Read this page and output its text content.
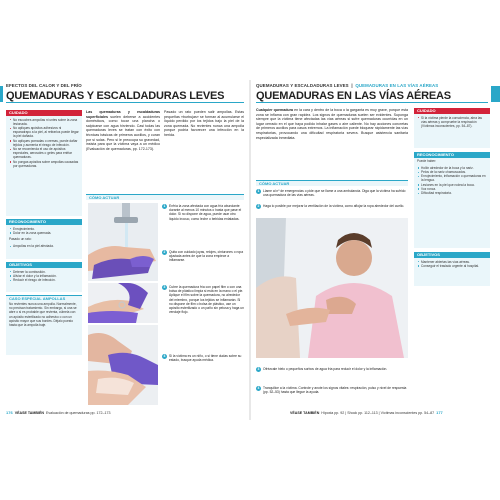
EFECTOS DEL CALOR Y DEL FRÍO
QUEMADURAS Y ESCALDADURAS LEVES
CUIDADO
No escuches ampollas ni untes sobre la zona lesionada.
No apliques apósitos adhesivos ni esparadrapo a la piel, al retirarlos puede llegar la piel dañada.
No apliques pomadas o cremas, puede dañar tejidos y aumenta el riesgo de infección.
No se recomienda el uso de apósitos especiales, aerosoles o geles para enfriar quemaduras.
No pongas apósitos sobre ampollas causadas por quemaduras.
RECONOCIMIENTO
Enrojecimiento.
Dolor en la zona quemada.
Pasado un rato:
Ampollas en la piel afectada.
OBJETIVOS
Detener la combustión.
Aliviar el dolor y la inflamación.
Reducir el riesgo de infección.
CASO ESPECIAL AMPOLLAS
No revientes nunca una ampolla. Normalmente, no precisan tratamiento. Sin embargo, si una se abre o si es probable que revienta, cúbrela con un apósito esterilizado no adhesivo o con un apósito mayor que sus bordes. Déjalo puesto hasta que la ampolla baje.
Las quemaduras y escaldaduras superficiales suelen deberse a accidentes domésticos, como tocar una plancha o salpicarse con agua hirviendo. Casi todas las quemaduras leves se tratan con éxito con técnicas básicas de primeros auxilios, y curan por sí solas. Pero si le preocupa su gravedad, insista para que la víctima vaya a un médico (Evaluación de quemaduras, pp. 172-173).
Pasado un rato pueden salir ampollas. Estas pequeñas «burbujas» se forman al acumularse el líquido perdido por los tejidos bajo la piel de la zona quemada. No revientes nunca una ampolla porque podría favorecer una infección en la herida.
CÓMO ACTUAR
1	Enfría la zona afectada con agua fría abundante durante al menos 10 minutos o hasta que pase el dolor. Si no dispone de agua, puede usar otro líquido inocuo, como leche o bebidas enlatadas.
2	Quita con cuidado joyas, relojes, cinturones o ropa ajustada antes de que la zona empiece a inflamarse.
3	Cubre la quemadura fría con papel film o con una bolsa de plástico limpia si está en la mano o el pie. Aplique el film sobre la quemadura, no alrededor del miembro, porque los tejidos se inflamarán. Si no dispone de film o bolsa de plástico, use un apósito esterilizado o un paño sin pelusa y haga un vendaje flojo.
4	Si la víctima es un niño, o si tiene dudas sobre su estado, busque ayuda médica.
176 VÉASE TAMBIÉN Evaluación de quemaduras pp. 172–173
QUEMADURAS Y ESCALDADURAS LEVES  |  QUEMADURAS EN LAS VÍAS AÉREAS
QUEMADURAS EN LAS VÍAS AÉREAS
Cualquier quemadura en la cara y dentro de la boca o la garganta es muy grave, porque esta zona se inflama con gran rapidez. Los signos de quemaduras suelen ser evidentes. Suponga siempre que la víctima tiene afectadas las vías aéreas si sufre quemaduras ocurridas en un lugar cerrado en el que haya podido inhalar gases o aire caliente. No hay acciones concretas de primeros auxilios para casos extremos. La inflamación puede bloquear rápidamente las vías respiratorias, provocando una dificultad respiratoria severa. Busque asistencia sanitaria especializada inmediata.
CÓMO ACTUAR
1	Llame al nº de emergencias o pide que se llame a una ambulancia. Diga que la víctima ha sufrido una quemadura de las vías aéreas.
2	Haga lo posible por mejorar la ventilación de la víctima, como aflojar la ropa alrededor del cuello.
3	Ofrézcale hielo o pequeños sorbos de agua fría para reducir el dolor y la inflamación.
4	Tranquilice a la víctima. Controle y anote los signos vitales: respiración, pulso y nivel de respuesta (pp. 52–53) hasta que llegue la ayuda.
CUIDADO
Si la víctima pierde la consciencia, abra las vías aéreas y compruebe la respiración (Víctimas inconscientes, pp. 54–87).
RECONOCIMIENTO
Puede haber:
Hollín alrededor de la boca y la nariz.
Pelos de la nariz chamuscados.
Enrojecimiento, inflamación o quemaduras en la lengua.
Lesiones en la piel que rodea la boca.
Voz ronca.
Dificultad respiratoria.
OBJETIVOS
Mantener abiertas las vías aéreas.
Conseguir el traslado urgente al hospital.
VÉASE TAMBIÉN Hipoxia pp. 92 | Shock pp. 112–113 | Víctimas inconscientes pp. 54–87 177
